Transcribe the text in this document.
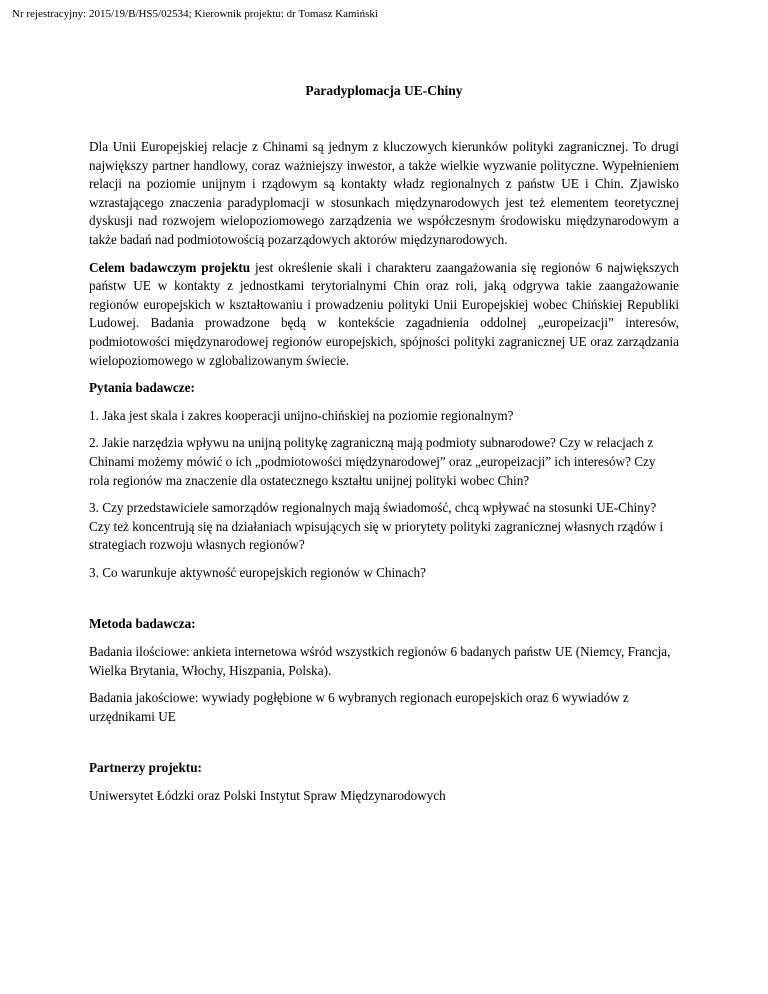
Nr rejestracyjny: 2015/19/B/HS5/02534; Kierownik projektu: dr Tomasz Kamiński
Paradyplomacja UE-Chiny

Dla Unii Europejskiej relacje z Chinami są jednym z kluczowych kierunków polityki zagranicznej. To drugi największy partner handlowy, coraz ważniejszy inwestor, a także wielkie wyzwanie polityczne. Wypełnieniem relacji na poziomie unijnym i rządowym są kontakty władz regionalnych z państw UE i Chin. Zjawisko wzrastającego znaczenia paradyplomacji w stosunkach międzynarodowych jest też elementem teoretycznej dyskusji nad rozwojem wielopoziomowego zarządzenia we współczesnym środowisku międzynarodowym a także badań nad podmiotowością pozarządowych aktorów międzynarodowych.

Celem badawczym projektu jest określenie skali i charakteru zaangażowania się regionów 6 największych państw UE w kontakty z jednostkami terytorialnymi Chin oraz roli, jaką odgrywa takie zaangażowanie regionów europejskich w kształtowaniu i prowadzeniu polityki Unii Europejskiej wobec Chińskiej Republiki Ludowej. Badania prowadzone będą w kontekście zagadnienia oddolnej „europeizacji” interesów, podmiotowości międzynarodowej regionów europejskich, spójności polityki zagranicznej UE oraz zarządzania wielopoziomowego w zglobalizowanym świecie.

Pytania badawcze:

1. Jaka jest skala i zakres kooperacji unijno-chińskiej na poziomie regionalnym?

2. Jakie narzędzia wpływu na unijną politykę zagraniczną mają podmioty subnarodowe? Czy w relacjach z Chinami możemy mówić o ich „podmiotowości międzynarodowej” oraz „europeizacji” ich interesów? Czy rola regionów ma znaczenie dla ostatecznego kształtu unijnej polityki wobec Chin?

3. Czy przedstawiciele samorządów regionalnych mają świadomość, chcą wpływać na stosunki UE-Chiny? Czy też koncentrują się na działaniach wpisujących się w priorytety polityki zagranicznej własnych rządów i strategiach rozwoju własnych regionów?

3. Co warunkuje aktywność europejskich regionów w Chinach?

Metoda badawcza:

Badania ilościowe: ankieta internetowa wśród wszystkich regionów 6 badanych państw UE (Niemcy, Francja, Wielka Brytania, Włochy, Hiszpania, Polska).

Badania jakościowe: wywiady pogłębione w 6 wybranych regionach europejskich oraz 6 wywiadów z urzędnikami UE

Partnerzy projektu:

Uniwersytet Łódzki oraz Polski Instytut Spraw Międzynarodowych
